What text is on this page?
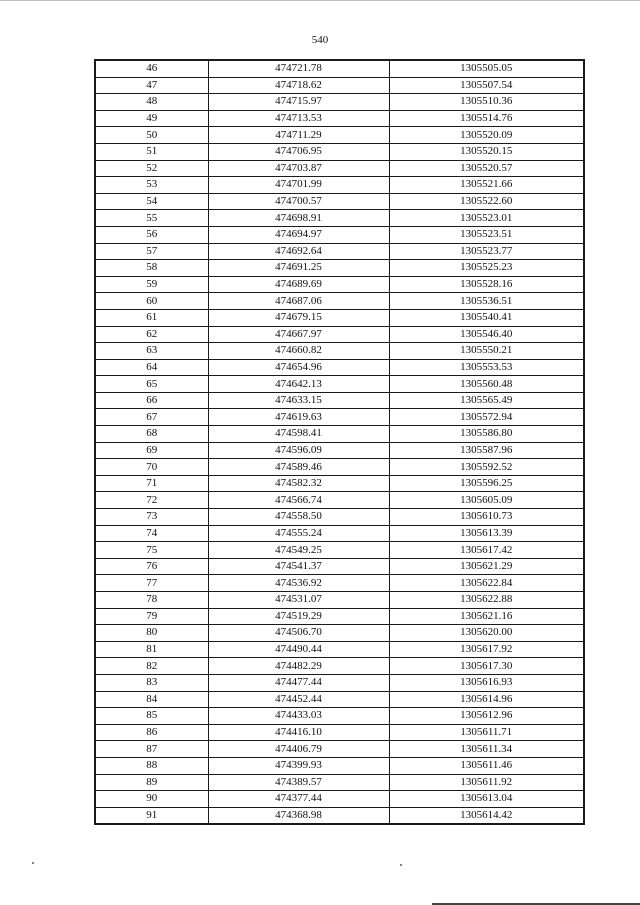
540
46	474721.78	1305505.05
47	474718.62	1305507.54
48	474715.97	1305510.36
49	474713.53	1305514.76
50	474711.29	1305520.09
51	474706.95	1305520.15
52	474703.87	1305520.57
53	474701.99	1305521.66
54	474700.57	1305522.60
55	474698.91	1305523.01
56	474694.97	1305523.51
57	474692.64	1305523.77
58	474691.25	1305525.23
59	474689.69	1305528.16
60	474687.06	1305536.51
61	474679.15	1305540.41
62	474667.97	1305546.40
63	474660.82	1305550.21
64	474654.96	1305553.53
65	474642.13	1305560.48
66	474633.15	1305565.49
67	474619.63	1305572.94
68	474598.41	1305586.80
69	474596.09	1305587.96
70	474589.46	1305592.52
71	474582.32	1305596.25
72	474566.74	1305605.09
73	474558.50	1305610.73
74	474555.24	1305613.39
75	474549.25	1305617.42
76	474541.37	1305621.29
77	474536.92	1305622.84
78	474531.07	1305622.88
79	474519.29	1305621.16
80	474506.70	1305620.00
81	474490.44	1305617.92
82	474482.29	1305617.30
83	474477.44	1305616.93
84	474452.44	1305614.96
85	474433.03	1305612.96
86	474416.10	1305611.71
87	474406.79	1305611.34
88	474399.93	1305611.46
89	474389.57	1305611.92
90	474377.44	1305613.04
91	474368.98	1305614.42
